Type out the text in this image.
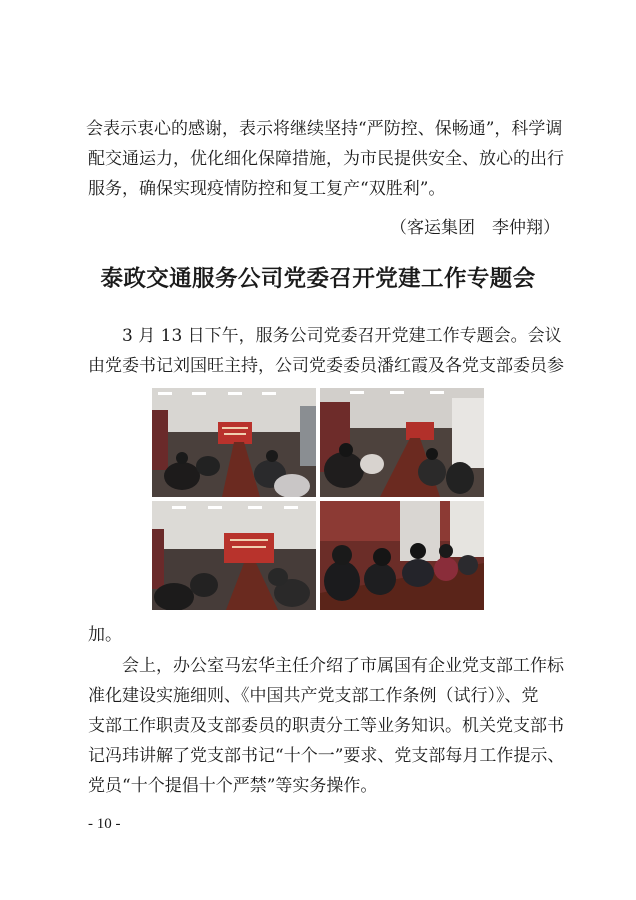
会表示衷心的感谢，表示将继续坚持“严防控、保畅通”，科学调
配交通运力，优化细化保障措施，为市民提供安全、放心的出行
服务，确保实现疫情防控和复工复产“双胜利”。
（客运集团　李仲翔）
泰政交通服务公司党委召开党建工作专题会
3 月 13 日下午，服务公司党委召开党建工作专题会。会议
由党委书记刘国旺主持，公司党委委员潘红霞及各党支部委员参
加。
会上，办公室马宏华主任介绍了市属国有企业党支部工作标
准化建设实施细则、《中国共产党支部工作条例（试行）》、党
支部工作职责及支部委员的职责分工等业务知识。机关党支部书
记冯玮讲解了党支部书记“十个一”要求、党支部每月工作提示、
党员“十个提倡十个严禁”等实务操作。
- 10 -
